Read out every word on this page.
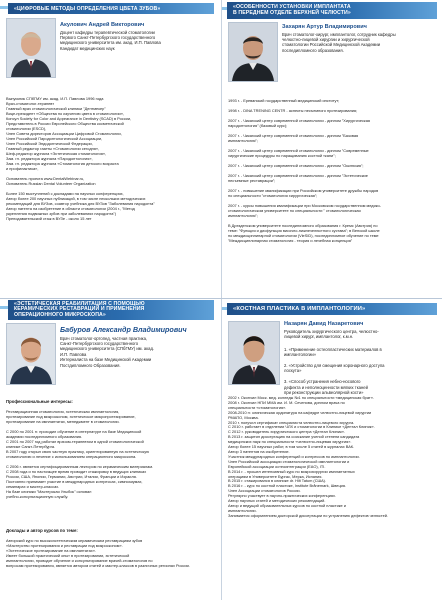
«ЦИФРОВЫЕ МЕТОДЫ ОПРЕДЕЛЕНИЯ ЦВЕТА ЗУБОВ»
Акулович Андрей Викторович
Доцент кафедры терапевтической стоматологии
Первого Санкт-Петербургского государственного
медицинского университета им. акад. И.П. Павлова
Кандидат медицинских наук
Выпускник СПбГМУ им. акад. И.П. Павлова 1996 года
Врач-стоматолог-терапевт
Главный врач стоматологической клиники "Дентмекер"
Вице-президент «Общества по изучению цвета в стоматологии»,
Консул Society for Color and Appearance in Dentistry (SCAD) в России,
Представитель в России Европейского Общества косметической
стоматологии (ESCD),
Член Совета директоров Ассоциации Цифровой Стоматологии,
Член Российской Пародонтологической Ассоциации,
Член Российской Эндодонтической Федерации,
Главный редактор газеты «Стоматологии сегодня»,
Шеф-редактор журнала «Эстетическая стоматология»,
Зам. гл. редактора журнала «Пародонтология»,
Зам. гл. редактора журнала «Стоматология детского возраста
и профилактика»,

Основатель проекта www.DentalWebinar.ru,
Основатель Russian Dental Volunteer Organization

Более 150 выступлений с докладами на научных конференциях,
Автор более 200 научных публикаций, в том числе нескольких методических
рекомендаций для ВУЗов, соавтор учебника для ВУЗов "Заболевания пародонта"
Автор патента на изобретение в области стоматологии (2004 г., "Метод
укрепления подвижных зубов при заболеваниях пародонта")
Преподавательский стаж в ВУЗе - около 15 лет
«ОСОБЕННОСТИ УСТАНОВКИ ИМПЛАНТАТА
В ПЕРЕДНЕМ ОТДЕЛЕ ВЕРХНЕЙ ЧЕЛЮСТИ»
Захарян Артур Владимирович
Врач стоматолог-хирург, имплантолог, сотрудник кафедры
челюстно-лицевой хирургии и хирургической
стоматологии Российской Медицинской Академии
последипломного образования.
1993 г. - Ереванский государственный медицинский институт;

1998 г. - DINA TRENING CENTR - аспекты несъемного протезирования;

2007 г. - Чикагский центр современной стоматологии - диплом "Хирургическая
пародонтология" (базовый курс);

2007 г. - Чикагский центр современной стоматологии - диплом "Базовая
имплантология";

2007 г. - Чикагский центр современной стоматологии - диплом "Современные
хирургические процедуры по наращиванию костной ткани";

2007 г. - Чикагский центр современной стоматологии - диплом "Окклюзия";

2007 г. - Чикагский центр современной стоматологии - диплом "Эстетические
несъемные реставрации";

2007 г. - повышение квалификации при Российском университете дружбы народов
по специальности "стоматология хирургическая";

2007 г. - курсы повышения квалификации при Московском государственном медико-
стоматологическом университете по специальности " стоматологическая
имплантология";

В Дрезденском университете последипломного образования г. Кремс (Австрия) по
теме: "Функция и дисфункция височно-нижнечелюстного сустава"; в Венской школе
по междисциплинарной стоматологии (VieSID), последипломное обучение по теме
"Междисциплинарная стоматология - теория и лечебная концепция"
«ЭСТЕТИЧЕСКАЯ РЕАБИЛИТАЦИЯ С ПОМОЩЬЮ
КЕРАМИЧЕСКИХ РЕСТАВРАЦИЙ И ПРИМЕНЕНИЯ
ОПЕРАЦИОННОГО МИКРОСКОПА»
Бабуров Александр Владимирович
Врач стоматолог-ортопед, частная практика,
Санкт-Петербургского государственного
медицинского университета (СПбГМУ) им. акад.
И.П. Павлова
Интерналиста на базе Медицинской Академии
Постдипломного Образования.

Профессиональные интересы:

Реставрационная стоматология, эстетическая имплантология,
протезирование под микроскопом, эстетическое микропротезирование,
протезирование на имплантатах, менеджмент в стоматологии.

С 2000 по 2001 гг. проходил обучение в интернатуре на базе Медицинской
академии последипломного образования.
С 2001 по 2007 год работал врачом-терапевтом в одной стоматологической
клинике Санкт-Петербурга.
В 2007 году открыл свою частную практику, ориентированную на эстетическую
стоматологию и лечение с использованием операционного микроскопа.

С 2006 г. является сертифицированным лектором по керамическим материалам.
С 2008 года и по настоящее время проводит стажировку в ведущих клиниках
России, США, Японии, Германии, Австрии, Италии, Франции и Израиля.
Постоянно принимает участие в международных конгрессах, симпозиумах,
семинарах и мастер-классах.
На базе клиники "Мастерская Улыбок" основал
учебно-консультационную службу.

Доклады и автор курсов по теме:

Авторский курс по высокоэстетическим керамическим реставрациям зубов
«Мастерство протезирования и реставрации под микроскопом».
«Эстетическое протезирование на имплантатах».
Имеет большой практический опыт в протезировании, эстетической
имплантологии, проводит обучение и консультирование врачей-стоматологов по
вопросам протезирования, является автором статей и мастер-классов в различных регионах России.

«КОСТНАЯ ПЛАСТИКА В ИМПЛАНТОЛОГИИ»
Назарян Давид Назаретович
Руководитель хирургического центра, челюстно-
лицевой хирург, имплантолог, к.м.н.

1. «Применение остеопластических материалов в
имплантологии»

2. «Устройство для смещения коронарного доступа
лоскута»

3. «Способ устранения небно-носового
дефекта и неполноценности мягких тканей
при реконструкции альвеолярной кости»

2002 г. Окончил Моск. мед. колледж №1 по специальности «медицинская брат».
2008 г. Окончил НПИ ММА им. И. М. Сеченова, диплом врача по
специальности «стоматология».
2008-2010 гг. клиническая ординатура на кафедре челюстно-лицевой хирургии
РМАПО, Москва.
2010 г. получил сертификат специалиста челюстно-лицевого хирурга.
С 2010 г. работает в отделении ЧЛХ и стоматологии в Клинике «Дентал Клиник».
С 2012 г. руководитель хирургического центра «Дентал Клиник».
В 2013 г. защитил диссертацию на соискание ученой степени кандидата
медицинских наук по специальности «челюстно-лицевая хирургия».
Автор более 15 научных работ, в том числе 5 статей в журналах ВАК.
Автор 3 патентов на изобретение.
Участник международных конференций и конгрессов по имплантологии.
Член Российской ассоциации стоматологической имплантологии и
Европейской ассоциации остеоинтеграции (EAO), ITI.
В 2014 г. - прошел интенсивный курс по микрохирургии имплантатных
операциям в Университете Бургас, Мерка, Испания.
В 2015 г. стажировался в клинике dr. Hilt Tatum (США).
В 2016 г. - курс по костной пластике, Institute Brånemark, Швеция.
Член Ассоциации стоматологов России.
Регулярно участвует в научно-практических конференциях.
Автор научных статей и методических рекомендаций.
Автор и ведущий образовательных курсов по костной пластике и
имплантологии.
Занимается оформлением докторской диссертации по устранению дефектов челюстей.
